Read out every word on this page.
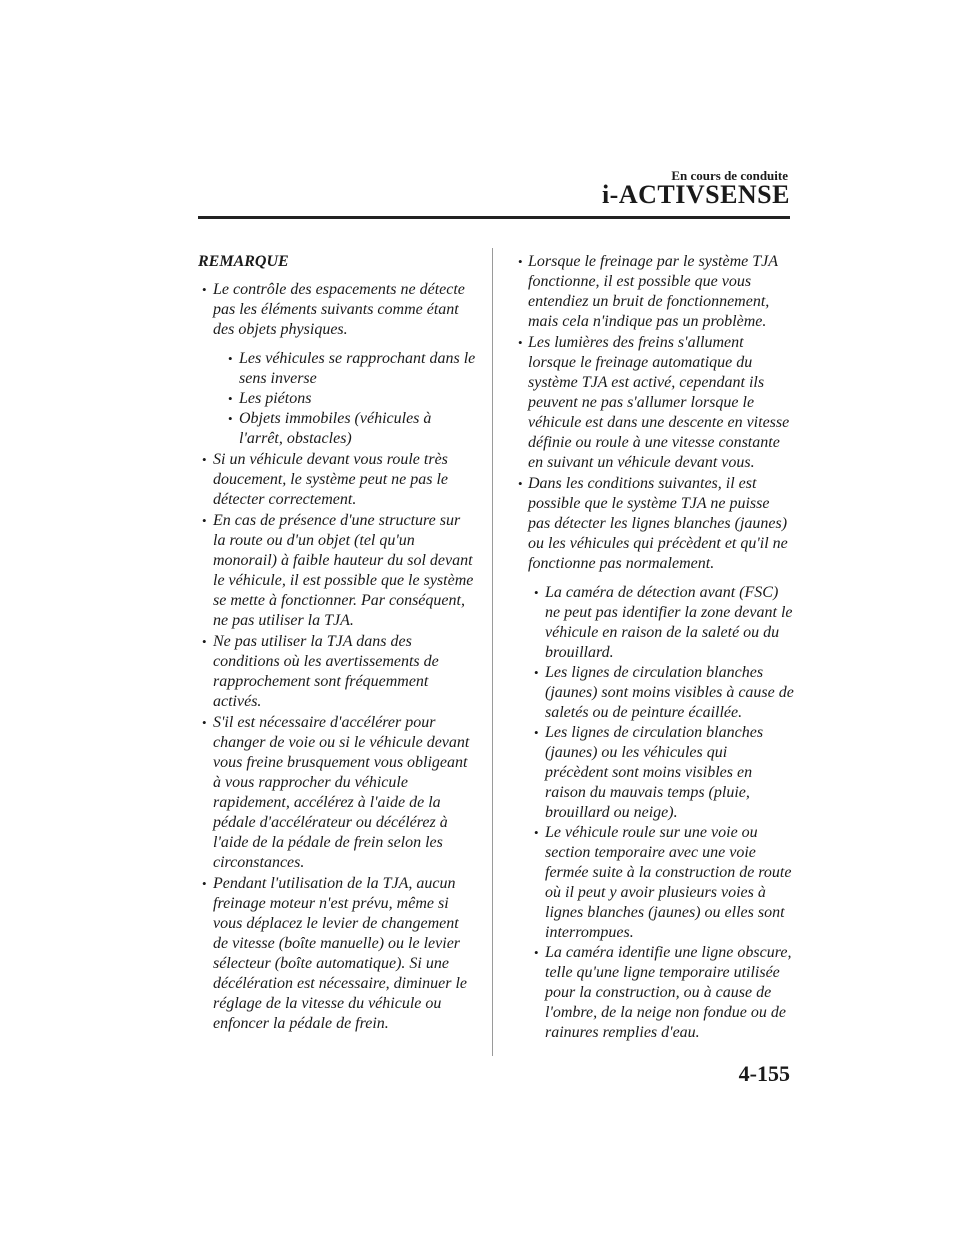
En cours de conduite
i-ACTIVSENSE
REMARQUE
• Le contrôle des espacements ne détecte pas les éléments suivants comme étant des objets physiques.
• Les véhicules se rapprochant dans le sens inverse
• Les piétons
• Objets immobiles (véhicules à l'arrêt, obstacles)
• Si un véhicule devant vous roule très doucement, le système peut ne pas le détecter correctement.
• En cas de présence d'une structure sur la route ou d'un objet (tel qu'un monorail) à faible hauteur du sol devant le véhicule, il est possible que le système se mette à fonctionner. Par conséquent, ne pas utiliser la TJA.
• Ne pas utiliser la TJA dans des conditions où les avertissements de rapprochement sont fréquemment activés.
• S'il est nécessaire d'accélérer pour changer de voie ou si le véhicule devant vous freine brusquement vous obligeant à vous rapprocher du véhicule rapidement, accélérez à l'aide de la pédale d'accélérateur ou décélérez à l'aide de la pédale de frein selon les circonstances.
• Pendant l'utilisation de la TJA, aucun freinage moteur n'est prévu, même si vous déplacez le levier de changement de vitesse (boîte manuelle) ou le levier sélecteur (boîte automatique). Si une décélération est nécessaire, diminuer le réglage de la vitesse du véhicule ou enfoncer la pédale de frein.
• Lorsque le freinage par le système TJA fonctionne, il est possible que vous entendiez un bruit de fonctionnement, mais cela n'indique pas un problème.
• Les lumières des freins s'allument lorsque le freinage automatique du système TJA est activé, cependant ils peuvent ne pas s'allumer lorsque le véhicule est dans une descente en vitesse définie ou roule à une vitesse constante en suivant un véhicule devant vous.
• Dans les conditions suivantes, il est possible que le système TJA ne puisse pas détecter les lignes blanches (jaunes) ou les véhicules qui précèdent et qu'il ne fonctionne pas normalement.
• La caméra de détection avant (FSC) ne peut pas identifier la zone devant le véhicule en raison de la saleté ou du brouillard.
• Les lignes de circulation blanches (jaunes) sont moins visibles à cause de saletés ou de peinture écaillée.
• Les lignes de circulation blanches (jaunes) ou les véhicules qui précèdent sont moins visibles en raison du mauvais temps (pluie, brouillard ou neige).
• Le véhicule roule sur une voie ou section temporaire avec une voie fermée suite à la construction de route où il peut y avoir plusieurs voies à lignes blanches (jaunes) ou elles sont interrompues.
• La caméra identifie une ligne obscure, telle qu'une ligne temporaire utilisée pour la construction, ou à cause de l'ombre, de la neige non fondue ou de rainures remplies d'eau.
4-155
